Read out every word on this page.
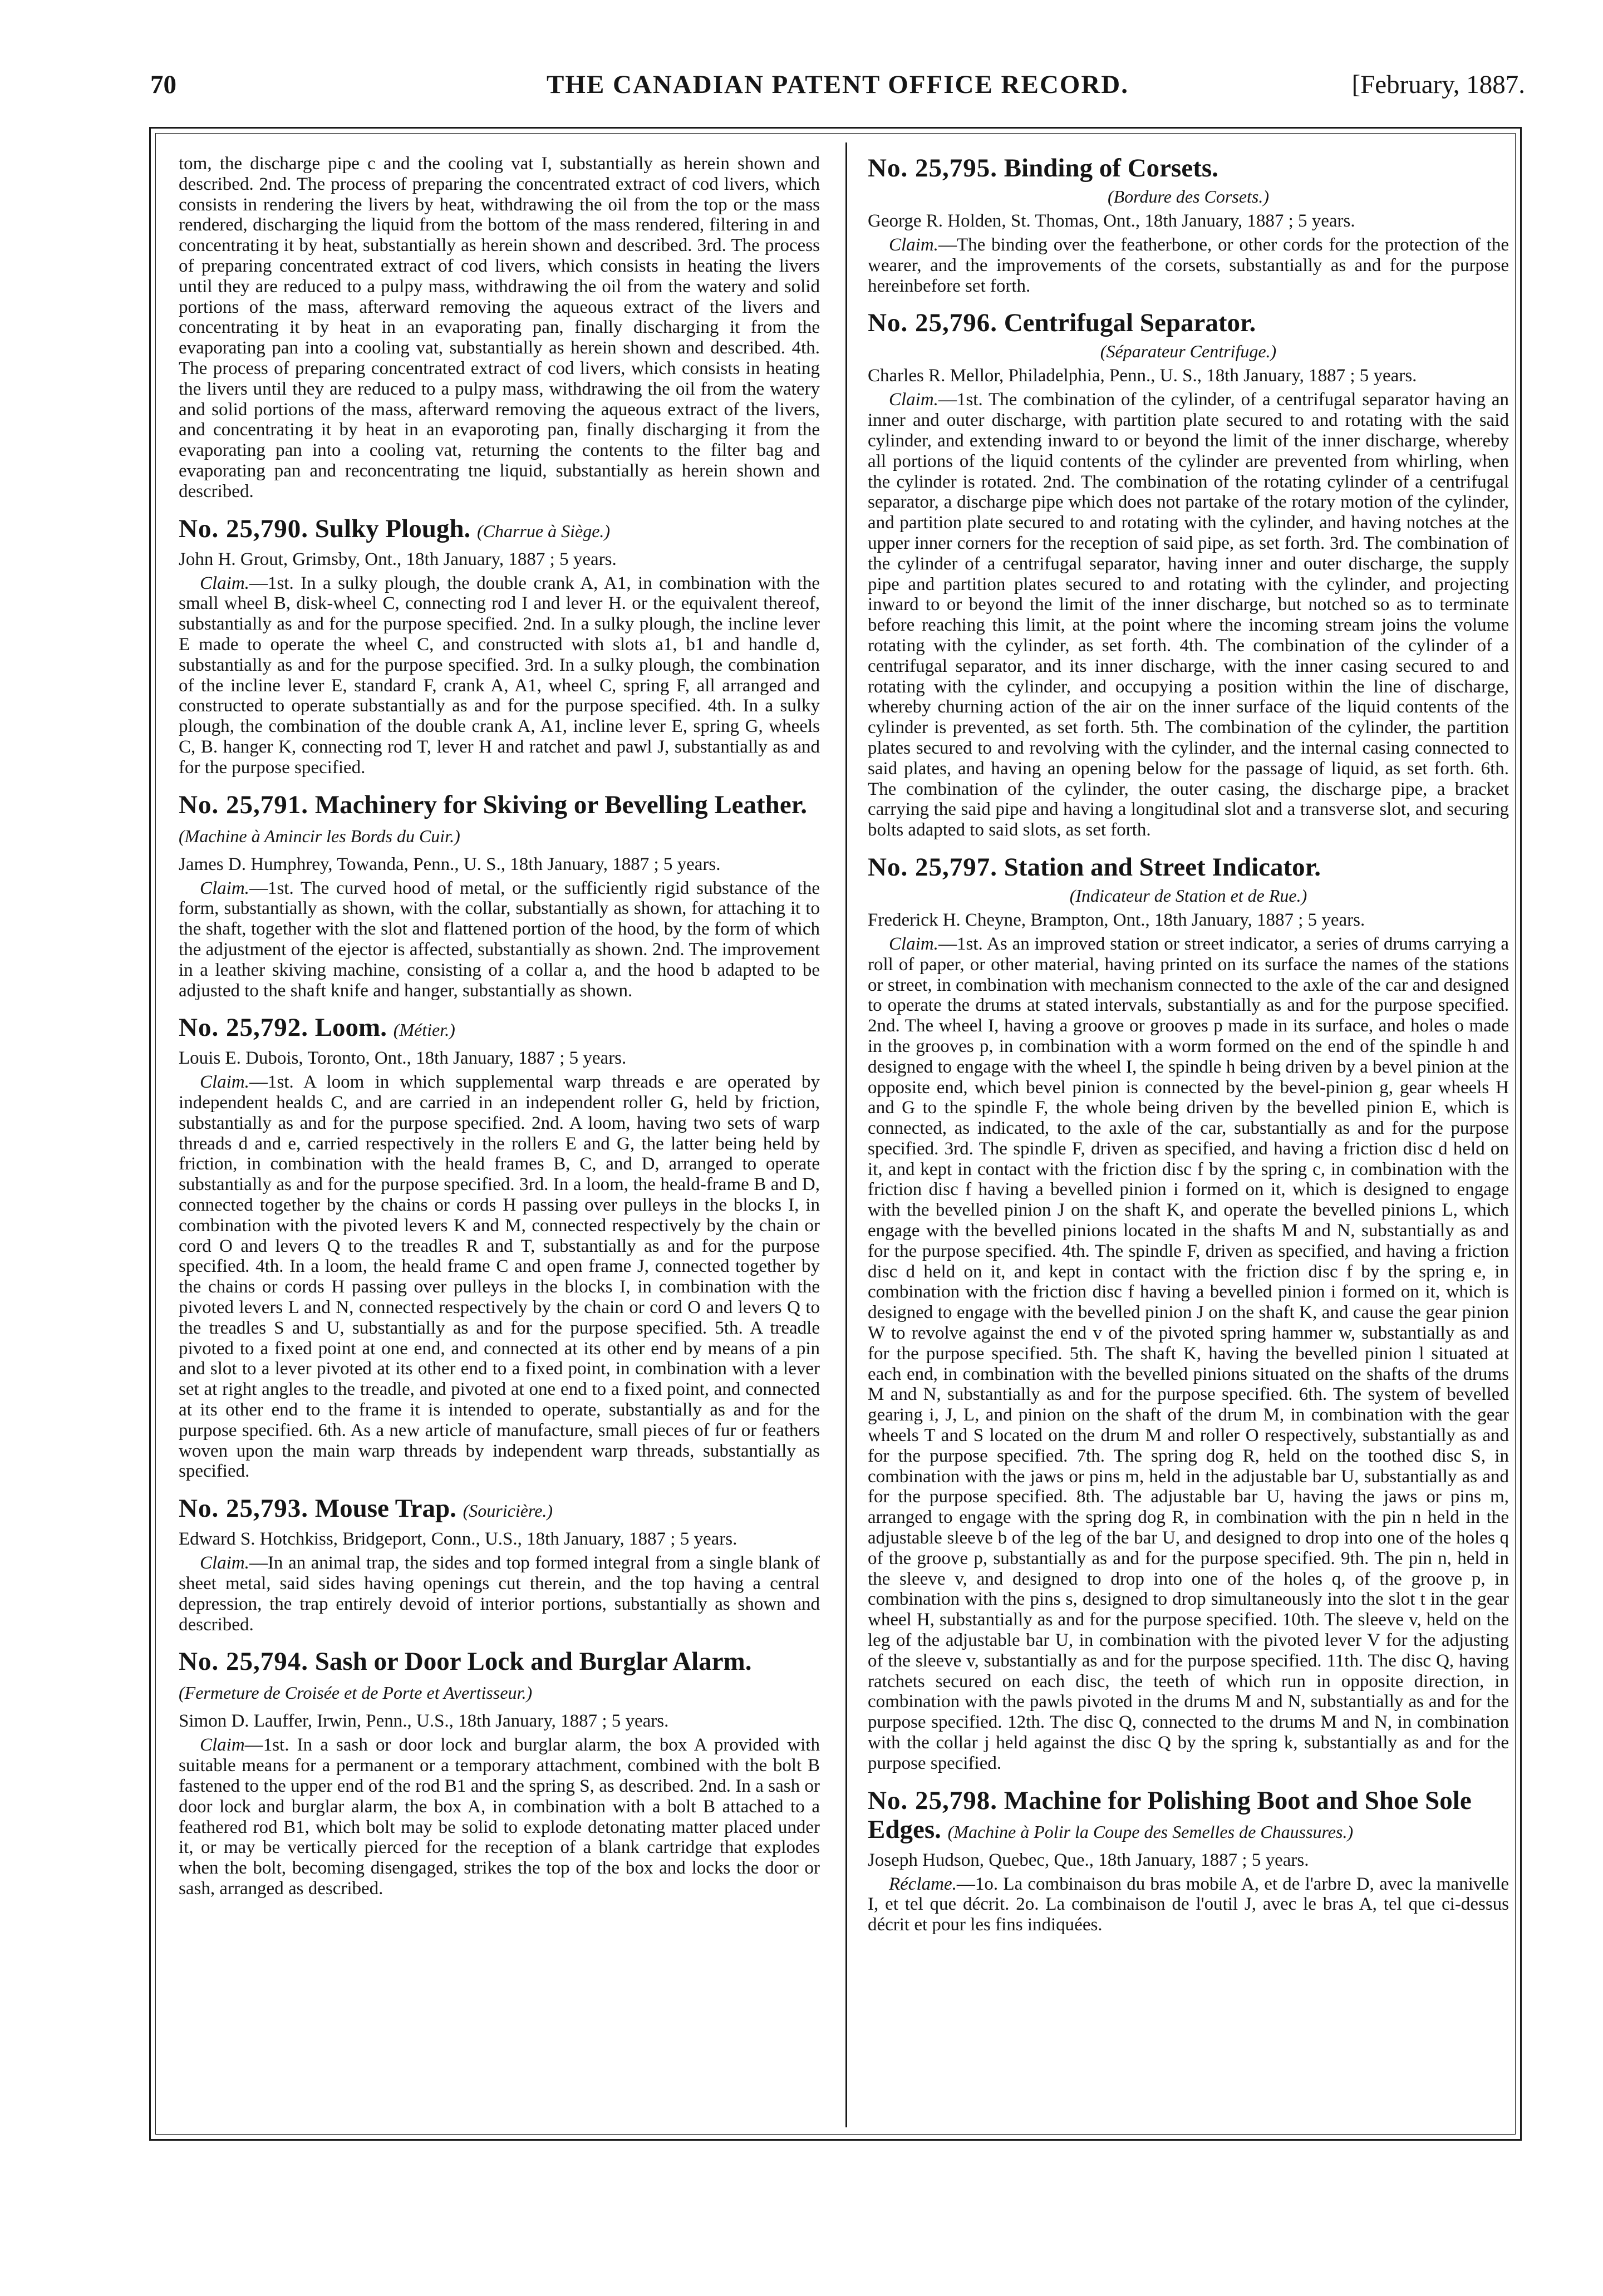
70	THE CANADIAN PATENT OFFICE RECORD.	[February, 1887.

tom, the discharge pipe c and the cooling vat I, substantially as herein shown and described. 2nd. The process of preparing the concentrated extract of cod livers, which consists in rendering the livers by heat, withdrawing the oil from the top or the mass rendered, discharging the liquid from the bottom of the mass rendered, filtering in and concentrating it by heat, substantially as herein shown and described. 3rd. The process of preparing concentrated extract of cod livers, which consists in heating the livers until they are reduced to a pulpy mass, withdrawing the oil from the watery and solid portions of the mass, afterward removing the aqueous extract of the livers and concentrating it by heat in an evaporating pan, finally discharging it from the evaporating pan into a cooling vat, substantially as herein shown and described. 4th. The process of preparing concentrated extract of cod livers, which consists in heating the livers until they are reduced to a pulpy mass, withdrawing the oil from the watery and solid portions of the mass, afterward removing the aqueous extract of the livers, and concentrating it by heat in an evaporoting pan, finally discharging it from the evaporating pan into a cooling vat, returning the contents to the filter bag and evaporating pan and reconcentrating tne liquid, substantially as herein shown and described.

No. 25,790. Sulky Plough. (Charrue à Siège.)

John H. Grout, Grimsby, Ont., 18th January, 1887 ; 5 years.

Claim.—1st. In a sulky plough, the double crank A, A1, in combination with the small wheel B, disk-wheel C, connecting rod I and lever H. or the equivalent thereof, substantially as and for the purpose specified. 2nd. In a sulky plough, the incline lever E made to operate the wheel C, and constructed with slots a1, b1 and handle d, substantially as and for the purpose specified. 3rd. In a sulky plough, the combination of the incline lever E, standard F, crank A, A1, wheel C, spring F, all arranged and constructed to operate substantially as and for the purpose specified. 4th. In a sulky plough, the combination of the double crank A, A1, incline lever E, spring G, wheels C, B. hanger K, connecting rod T, lever H and ratchet and pawl J, substantially as and for the purpose specified.

No. 25,791. Machinery for Skiving or Bevelling Leather. (Machine à Amincir les Bords du Cuir.)

James D. Humphrey, Towanda, Penn., U. S., 18th January, 1887 ; 5 years.

Claim.—1st. The curved hood of metal, or the sufficiently rigid substance of the form, substantially as shown, with the collar, substantially as shown, for attaching it to the shaft, together with the slot and flattened portion of the hood, by the form of which the adjustment of the ejector is affected, substantially as shown. 2nd. The improvement in a leather skiving machine, consisting of a collar a, and the hood b adapted to be adjusted to the shaft knife and hanger, substantially as shown.

No. 25,792. Loom. (Métier.)

Louis E. Dubois, Toronto, Ont., 18th January, 1887 ; 5 years.

Claim.—1st. A loom in which supplemental warp threads e are operated by independent healds C, and are carried in an independent roller G, held by friction, substantially as and for the purpose specified. 2nd. A loom, having two sets of warp threads d and e, carried respectively in the rollers E and G, the latter being held by friction, in combination with the heald frames B, C, and D, arranged to operate substantially as and for the purpose specified. 3rd. In a loom, the heald-frame B and D, connected together by the chains or cords H passing over pulleys in the blocks I, in combination with the pivoted levers K and M, connected respectively by the chain or cord O and levers Q to the treadles R and T, substantially as and for the purpose specified. 4th. In a loom, the heald frame C and open frame J, connected together by the chains or cords H passing over pulleys in the blocks I, in combination with the pivoted levers L and N, connected respectively by the chain or cord O and levers Q to the treadles S and U, substantially as and for the purpose specified. 5th. A treadle pivoted to a fixed point at one end, and connected at its other end by means of a pin and slot to a lever pivoted at its other end to a fixed point, in combination with a lever set at right angles to the treadle, and pivoted at one end to a fixed point, and connected at its other end to the frame it is intended to operate, substantially as and for the purpose specified. 6th. As a new article of manufacture, small pieces of fur or feathers woven upon the main warp threads by independent warp threads, substantially as specified.

No. 25,793. Mouse Trap. (Souricière.)

Edward S. Hotchkiss, Bridgeport, Conn., U.S., 18th January, 1887 ; 5 years.

Claim.—In an animal trap, the sides and top formed integral from a single blank of sheet metal, said sides having openings cut therein, and the top having a central depression, the trap entirely devoid of interior portions, substantially as shown and described.

No. 25,794. Sash or Door Lock and Burglar Alarm. (Fermeture de Croisée et de Porte et Avertisseur.)

Simon D. Lauffer, Irwin, Penn., U.S., 18th January, 1887 ; 5 years.

Claim—1st. In a sash or door lock and burglar alarm, the box A provided with suitable means for a permanent or a temporary attachment, combined with the bolt B fastened to the upper end of the rod B1 and the spring S, as described. 2nd. In a sash or door lock and burglar alarm, the box A, in combination with a bolt B attached to a feathered rod B1, which bolt may be solid to explode detonating matter placed under it, or may be vertically pierced for the reception of a blank cartridge that explodes when the bolt, becoming disengaged, strikes the top of the box and locks the door or sash, arranged as described.

No. 25,795. Binding of Corsets.

(Bordure des Corsets.)

George R. Holden, St. Thomas, Ont., 18th January, 1887 ; 5 years.

Claim.—The binding over the featherbone, or other cords for the protection of the wearer, and the improvements of the corsets, substantially as and for the purpose hereinbefore set forth.

No. 25,796. Centrifugal Separator.

(Séparateur Centrifuge.)

Charles R. Mellor, Philadelphia, Penn., U. S., 18th January, 1887 ; 5 years.

Claim.—1st. The combination of the cylinder, of a centrifugal separator having an inner and outer discharge, with partition plate secured to and rotating with the said cylinder, and extending inward to or beyond the limit of the inner discharge, whereby all portions of the liquid contents of the cylinder are prevented from whirling, when the cylinder is rotated. 2nd. The combination of the rotating cylinder of a centrifugal separator, a discharge pipe which does not partake of the rotary motion of the cylinder, and partition plate secured to and rotating with the cylinder, and having notches at the upper inner corners for the reception of said pipe, as set forth. 3rd. The combination of the cylinder of a centrifugal separator, having inner and outer discharge, the supply pipe and partition plates secured to and rotating with the cylinder, and projecting inward to or beyond the limit of the inner discharge, but notched so as to terminate before reaching this limit, at the point where the incoming stream joins the volume rotating with the cylinder, as set forth. 4th. The combination of the cylinder of a centrifugal separator, and its inner discharge, with the inner casing secured to and rotating with the cylinder, and occupying a position within the line of discharge, whereby churning action of the air on the inner surface of the liquid contents of the cylinder is prevented, as set forth. 5th. The combination of the cylinder, the partition plates secured to and revolving with the cylinder, and the internal casing connected to said plates, and having an opening below for the passage of liquid, as set forth. 6th. The combination of the cylinder, the outer casing, the discharge pipe, a bracket carrying the said pipe and having a longitudinal slot and a transverse slot, and securing bolts adapted to said slots, as set forth.

No. 25,797. Station and Street Indicator.

(Indicateur de Station et de Rue.)

Frederick H. Cheyne, Brampton, Ont., 18th January, 1887 ; 5 years.

Claim.—1st. As an improved station or street indicator, a series of drums carrying a roll of paper, or other material, having printed on its surface the names of the stations or street, in combination with mechanism connected to the axle of the car and designed to operate the drums at stated intervals, substantially as and for the purpose specified. 2nd. The wheel I, having a groove or grooves p made in its surface, and holes o made in the grooves p, in combination with a worm formed on the end of the spindle h and designed to engage with the wheel I, the spindle h being driven by a bevel pinion at the opposite end, which bevel pinion is connected by the bevel-pinion g, gear wheels H and G to the spindle F, the whole being driven by the bevelled pinion E, which is connected, as indicated, to the axle of the car, substantially as and for the purpose specified. 3rd. The spindle F, driven as specified, and having a friction disc d held on it, and kept in contact with the friction disc f by the spring c, in combination with the friction disc f having a bevelled pinion i formed on it, which is designed to engage with the bevelled pinion J on the shaft K, and operate the bevelled pinions L, which engage with the bevelled pinions located in the shafts M and N, substantially as and for the purpose specified. 4th. The spindle F, driven as specified, and having a friction disc d held on it, and kept in contact with the friction disc f by the spring e, in combination with the friction disc f having a bevelled pinion i formed on it, which is designed to engage with the bevelled pinion J on the shaft K, and cause the gear pinion W to revolve against the end v of the pivoted spring hammer w, substantially as and for the purpose specified. 5th. The shaft K, having the bevelled pinion l situated at each end, in combination with the bevelled pinions situated on the shafts of the drums M and N, substantially as and for the purpose specified. 6th. The system of bevelled gearing i, J, L, and pinion on the shaft of the drum M, in combination with the gear wheels T and S located on the drum M and roller O respectively, substantially as and for the purpose specified. 7th. The spring dog R, held on the toothed disc S, in combination with the jaws or pins m, held in the adjustable bar U, substantially as and for the purpose specified. 8th. The adjustable bar U, having the jaws or pins m, arranged to engage with the spring dog R, in combination with the pin n held in the adjustable sleeve b of the leg of the bar U, and designed to drop into one of the holes q of the groove p, substantially as and for the purpose specified. 9th. The pin n, held in the sleeve v, and designed to drop into one of the holes q, of the groove p, in combination with the pins s, designed to drop simultaneously into the slot t in the gear wheel H, substantially as and for the purpose specified. 10th. The sleeve v, held on the leg of the adjustable bar U, in combination with the pivoted lever V for the adjusting of the sleeve v, substantially as and for the purpose specified. 11th. The disc Q, having ratchets secured on each disc, the teeth of which run in opposite direction, in combination with the pawls pivoted in the drums M and N, substantially as and for the purpose specified. 12th. The disc Q, connected to the drums M and N, in combination with the collar j held against the disc Q by the spring k, substantially as and for the purpose specified.

No. 25,798. Machine for Polishing Boot and Shoe Sole Edges. (Machine à Polir la Coupe des Semelles de Chaussures.)

Joseph Hudson, Quebec, Que., 18th January, 1887 ; 5 years.

Réclame.—1o. La combinaison du bras mobile A, et de l'arbre D, avec la manivelle I, et tel que décrit. 2o. La combinaison de l'outil J, avec le bras A, tel que ci-dessus décrit et pour les fins indiquées.
